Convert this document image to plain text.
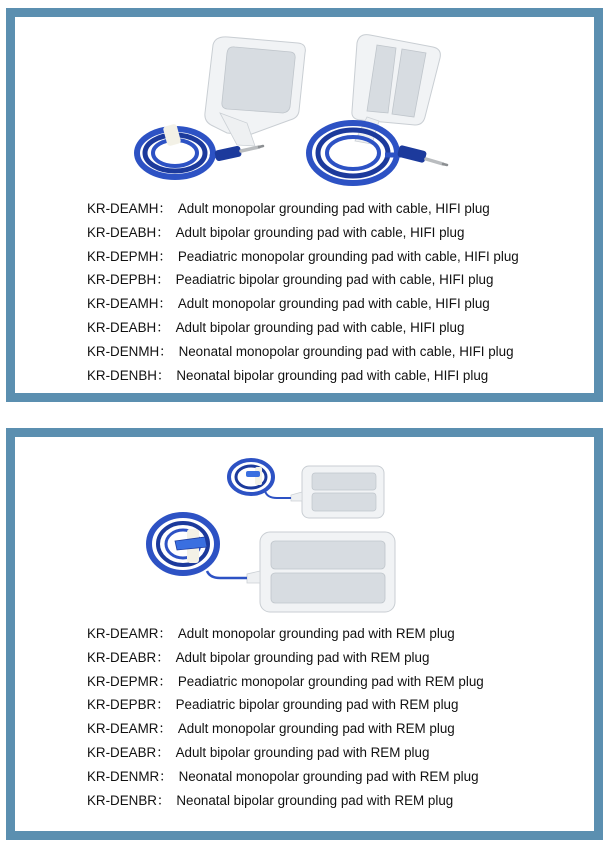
KR-DEAMH： Adult monopolar grounding pad with cable, HIFI plug
KR-DEABH： Adult bipolar grounding pad with cable, HIFI plug
KR-DEPMH： Peadiatric monopolar grounding pad with cable, HIFI plug
KR-DEPBH： Peadiatric bipolar grounding pad with cable, HIFI plug
KR-DEAMH： Adult monopolar grounding pad with cable, HIFI plug
KR-DEABH： Adult bipolar grounding pad with cable, HIFI plug
KR-DENMH： Neonatal monopolar grounding pad with cable, HIFI plug
KR-DENBH： Neonatal bipolar grounding pad with cable, HIFI plug
KR-DEAMR： Adult monopolar grounding pad with REM plug
KR-DEABR： Adult bipolar grounding pad with REM plug
KR-DEPMR： Peadiatric monopolar grounding pad with REM plug
KR-DEPBR： Peadiatric bipolar grounding pad with REM plug
KR-DEAMR： Adult monopolar grounding pad with REM plug
KR-DEABR： Adult bipolar grounding pad with REM plug
KR-DENMR： Neonatal monopolar grounding pad with REM plug
KR-DENBR： Neonatal bipolar grounding pad with REM plug
